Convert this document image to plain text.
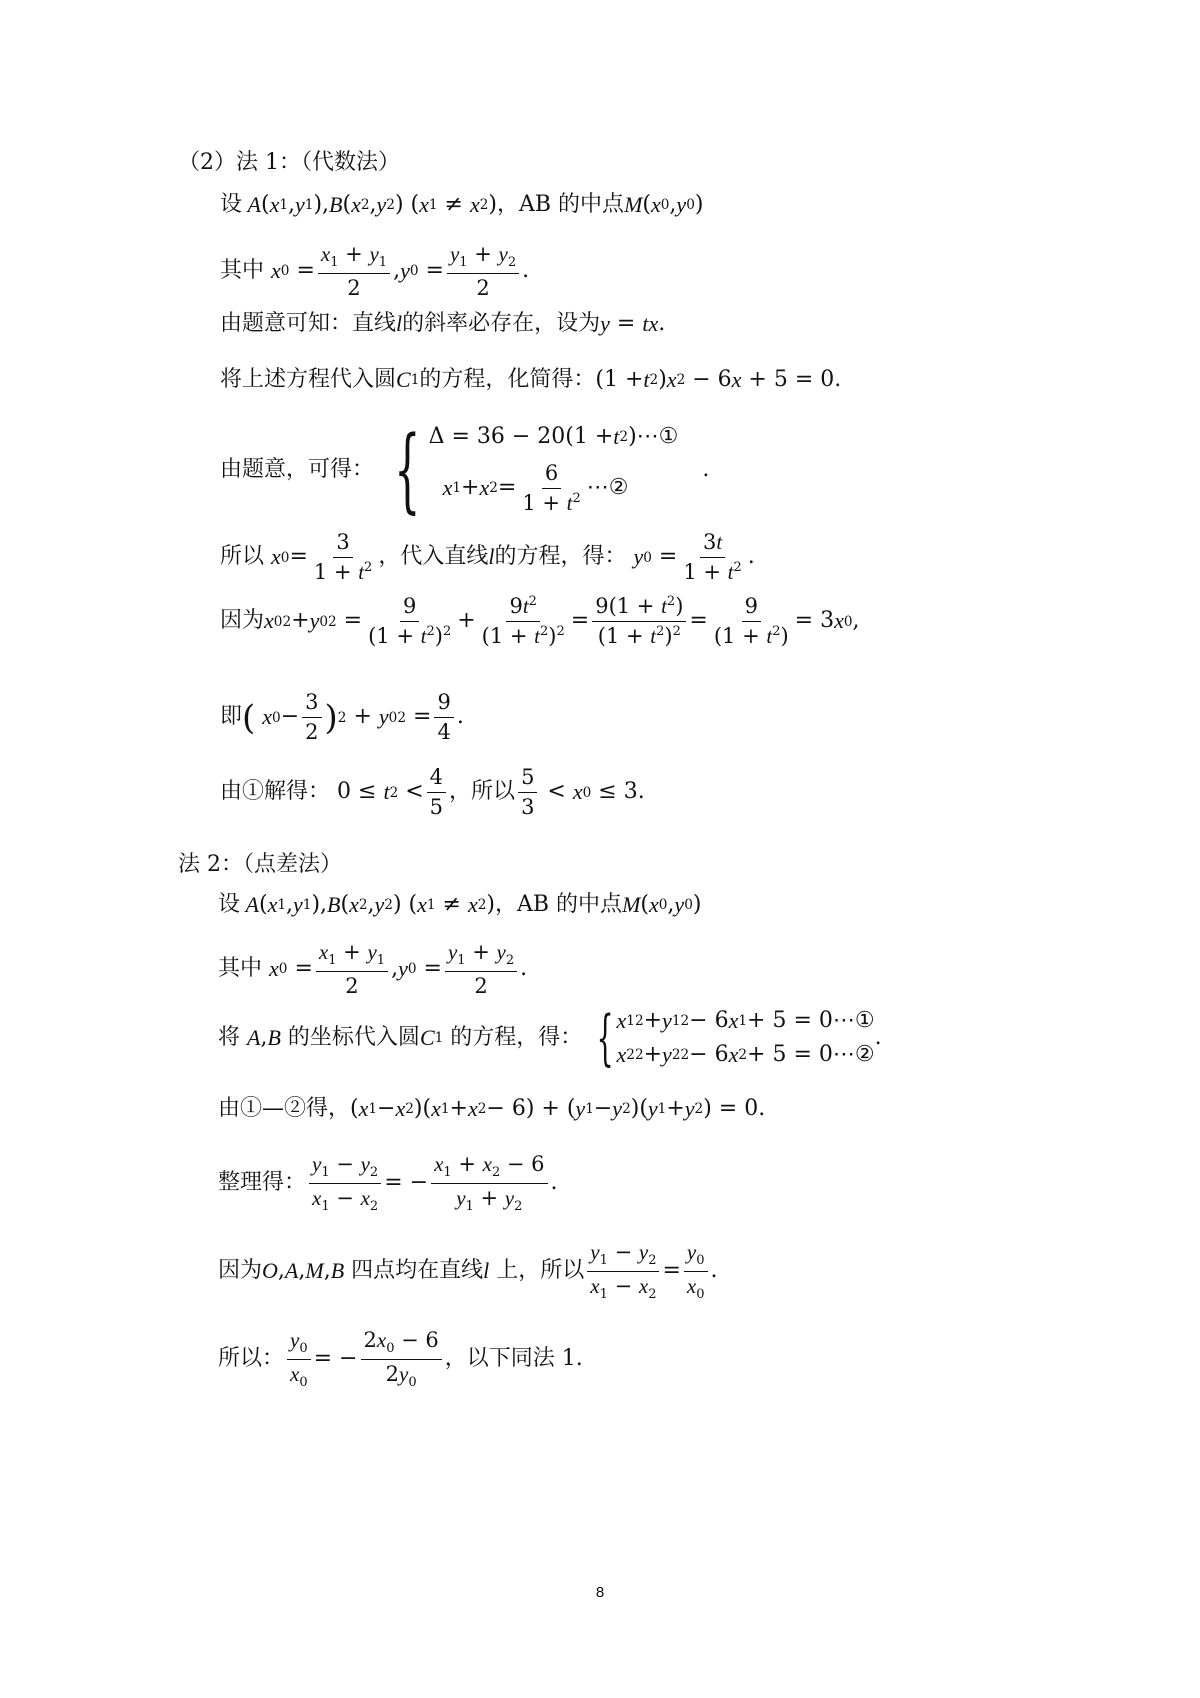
（2）法 1：（代数法）
设 A ( x 1 , y 1 ), B ( x 2 , y 2 ) ( x 1 ≠ x 2 ) ，AB 的中点 M ( x 0 , y 0 )
其中
x $0 = \frac{x_1 + y_1}{2}$ , y $0 = \frac{y_1 + y_2}{2}$ .
由题意可知：直线 l 的斜率必存在，设为 y = tx .
将上述方程代入圆 C 1 的方程，化简得： (1 + t 2 ) x 2 − 6 x + 5 = 0.
由题意，可得： { Δ = 36 − 20(1 + t 2 )⋯①

x 1 + x $2 = \frac{6}{1 + t^2}$ ⋯②
.
所以
x $0 = \frac{3}{1 + t^2}$ ，代入直线 l 的方程，得：
y $0 = \frac{3t}{1 + t^2}$ .
因为 x 0 2 + y 0 $2 = \frac{9}{(1 + t^2)^2} + \frac{9t^2}{(1 + t^2)^2} = \frac{9(1 + t^2)}{(1 + t^2)^2} = \frac{9}{(1 + t^2)} = 3$ x 0 ,
即 (
x $0 - \frac{3}{2}$ ) 2 + y 0 $2 = \frac{9}{4}$ .
由①解得： 0 ≤ t $2 < \frac{4}{5}$ ，所以 $\frac{5}{3} < x$ 0 ≤ 3.
法 2：（点差法）
设 A ( x 1 , y 1 ), B ( x 2 , y 2 ) ( x 1 ≠ x 2 ) ，AB 的中点 M ( x 0 , y 0 )
其中
x $0 = \frac{x_1 + y_1}{2}$ , y $0 = \frac{y_1 + y_2}{2}$ .
将
A , B
的坐标代入圆 C 1
的方程，得： { x 1 2 + y 1 2 − 6 x 1 + 5 = 0⋯①
x 2 2 + y 2 2 − 6 x 2 + 5 = 0⋯②
.
由①—②得， ( x 1 − x 2 )( x 1 + x 2 − 6) + ( y 1 − y 2 )( y 1 + y 2 ) = 0.
整理得： $\frac{y_1 - y_2}{x_1 - x_2}$ = − $\frac{x_1 + x_2 - 6}{y_1 + y_2}$ .
因为 O , A , M , B
四点均在直线 l
上，所以 $\frac{y_1 - y_2}{x_1 - x_2} = \frac{y_0}{x_0}$ .
所以： $\frac{y_0}{x_0}$ = − $\frac{2x_0 - 6}{2y_0}$ ，以下同法 1.
8
